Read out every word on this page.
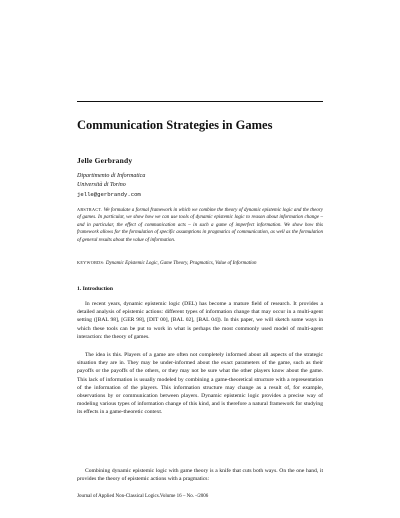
Communication Strategies in Games
Jelle Gerbrandy
Dipartimento di Informatica
Università di Torino
jelle@gerbrandy.com
ABSTRACT. We formulate a formal framework in which we combine the theory of dynamic epistemic logic and the theory of games. In particular, we show how we can use tools of dynamic epistemic logic to reason about information change – and in particular, the effect of communication acts – in such a game of imperfect information. We show how this framework allows for the formulation of specific assumptions in pragmatics of communication, as well as the formulation of general results about the value of information.
KEYWORDS: Dynamic Epistemic Logic, Game Theory, Pragmatics, Value of Information
1. Introduction

In recent years, dynamic epistemic logic (DEL) has become a mature field of research. It provides a detailed analysis of epistemic actions: different types of information change that may occur in a multi-agent setting ([BAL 98], [GER 98], [DIT 00], [BAL 02], [BAL 04]). In this paper, we will sketch some ways in which these tools can be put to work in what is perhaps the most commonly used model of multi-agent interaction: the theory of games.

The idea is this. Players of a game are often not completely informed about all aspects of the strategic situation they are in. They may be under-informed about the exact parameters of the game, such as their payoffs or the payoffs of the others, or they may not be sure what the other players know about the game. This lack of information is usually modeled by combining a game-theoretical structure with a representation of the information of the players. This information structure may change as a result of, for example, observations by or communication between players. Dynamic epistemic logic provides a precise way of modeling various types of information change of this kind, and is therefore a natural framework for studying its effects in a game-theoretic context.

Combining dynamic epistemic logic with game theory is a knife that cuts both ways. On the one hand, it provides the theory of epistemic actions with a pragmatics:

Journal of Applied Non-Classical Logics.Volume 16 – No. -/2006
